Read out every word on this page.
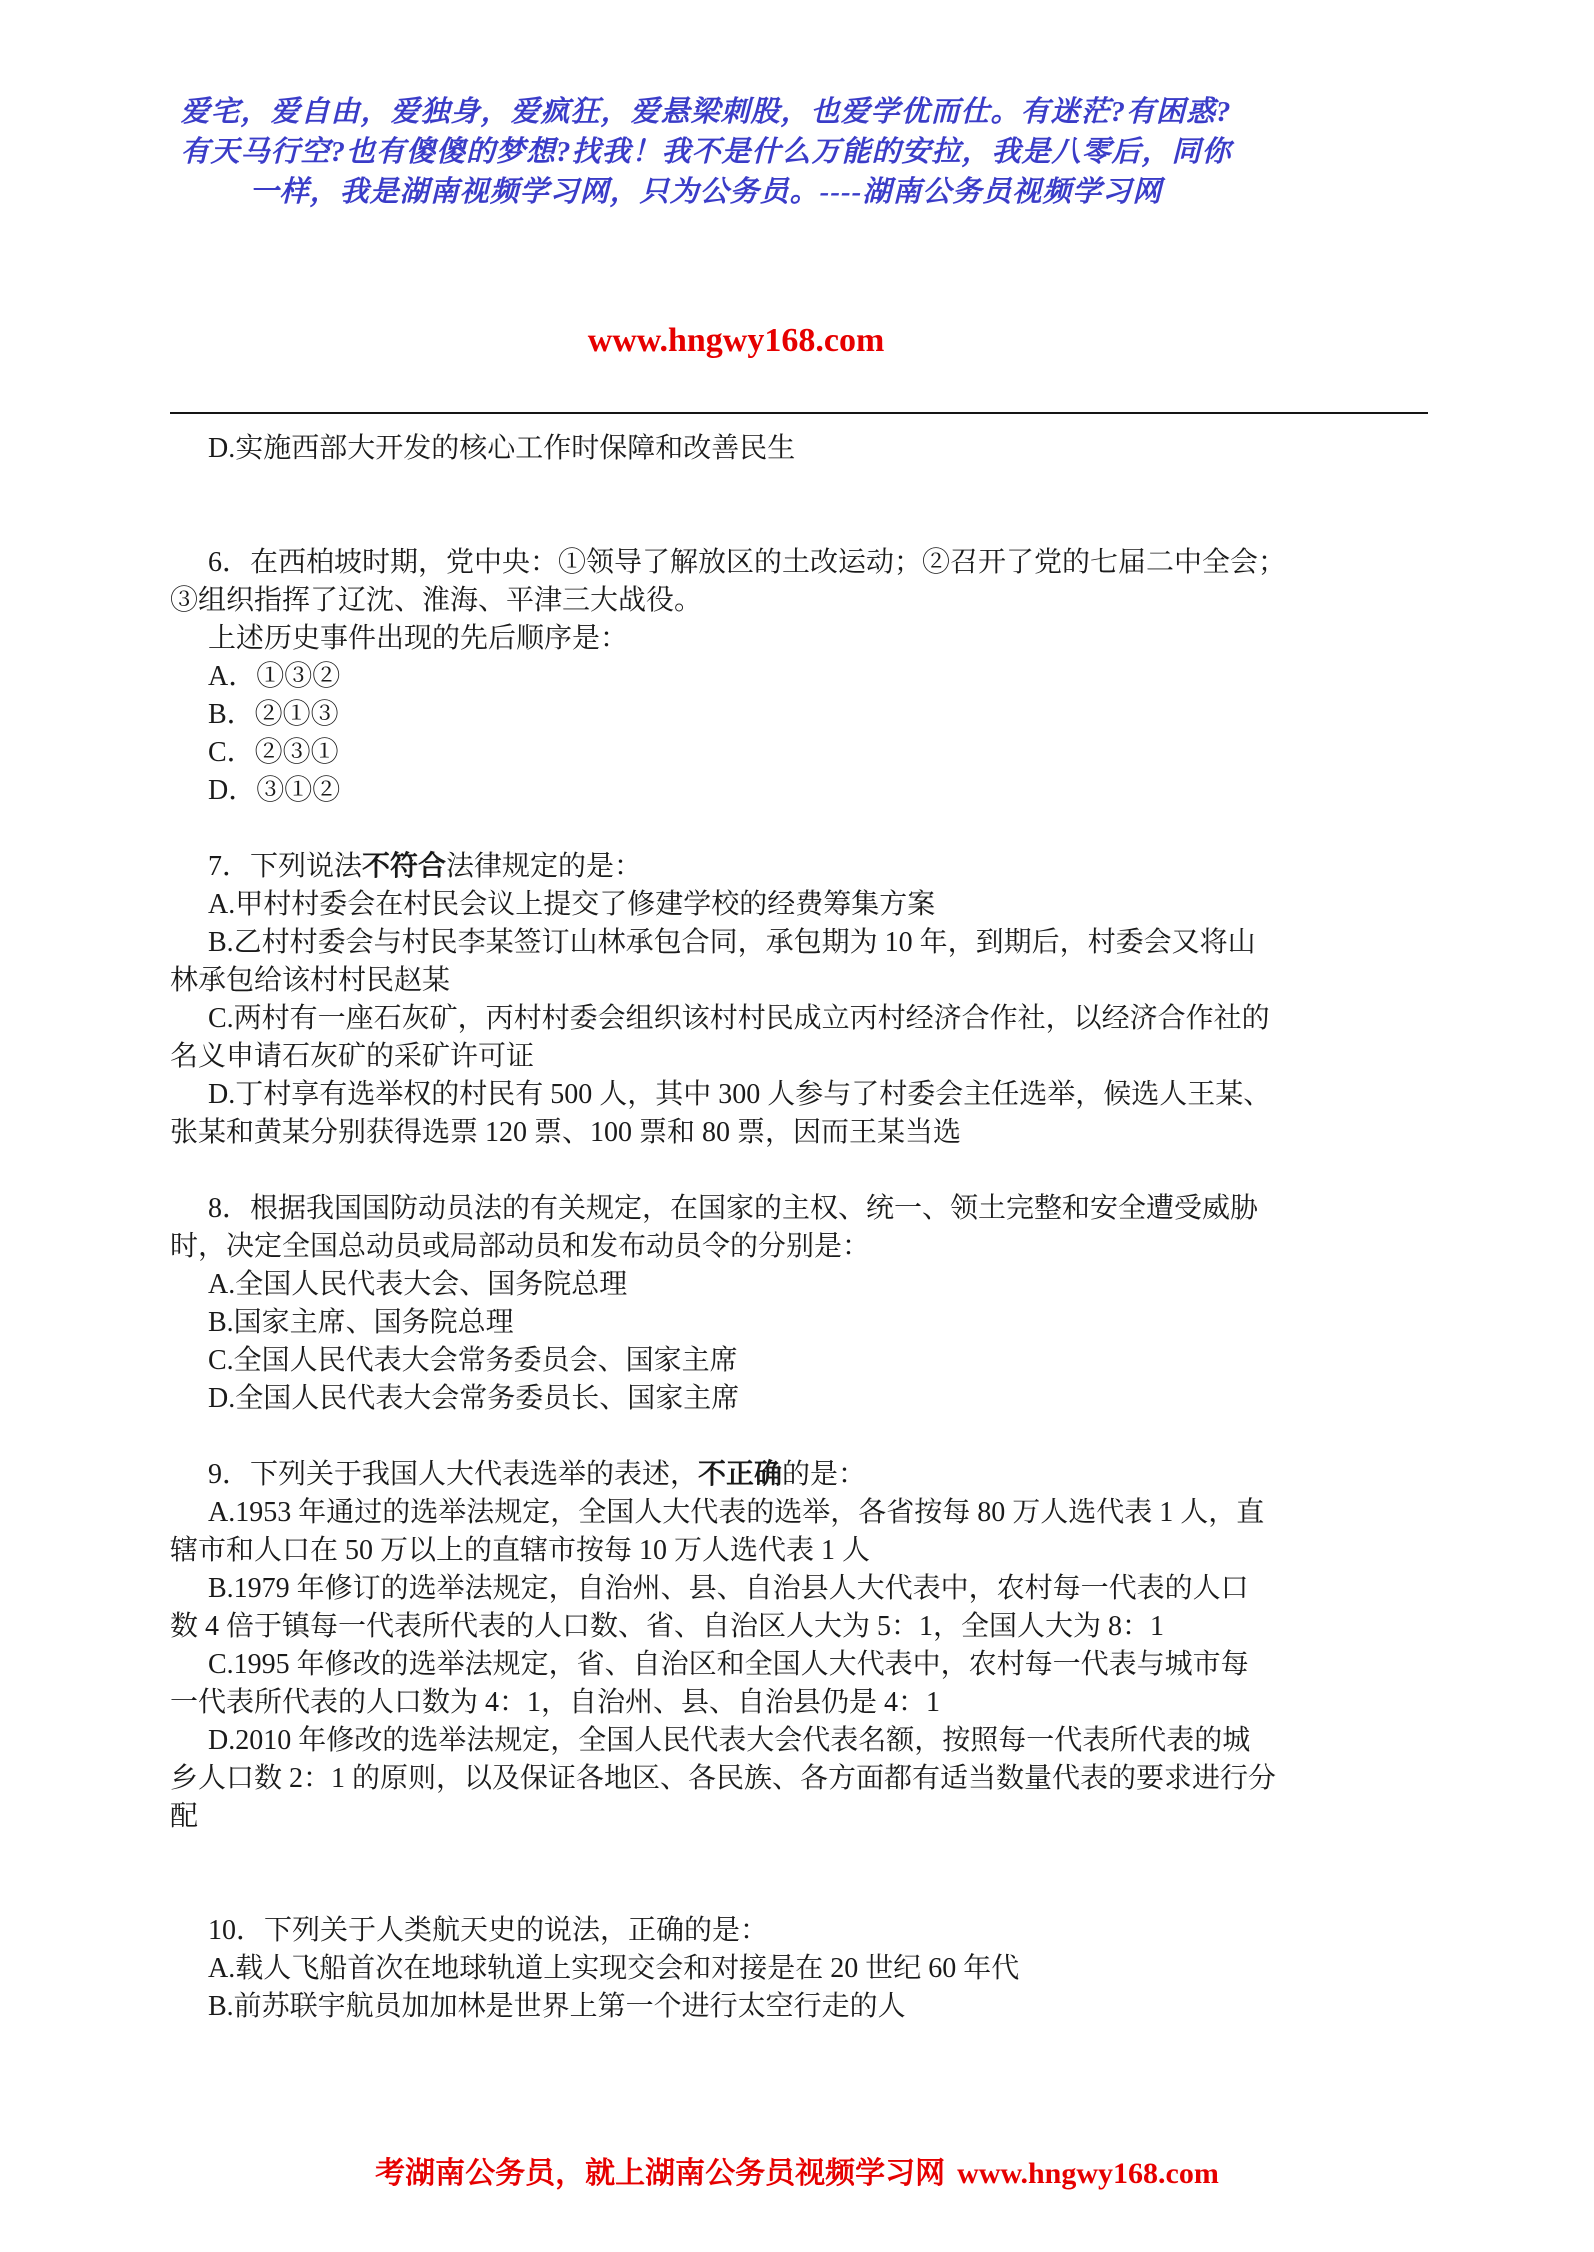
爱宅，爱自由，爱独身，爱疯狂，爱悬梁刺股，也爱学优而仕。有迷茫?有困惑?
有天马行空?也有傻傻的梦想?找我！我不是什么万能的安拉，我是八零后，同你
一样，我是湖南视频学习网，只为公务员。----湖南公务员视频学习网
www.hngwy168.com
D.实施西部大开发的核心工作时保障和改善民生

6．在西柏坡时期，党中央：①领导了解放区的土改运动；②召开了党的七届二中全会；
③组织指挥了辽沈、淮海、平津三大战役。
上述历史事件出现的先后顺序是：
A．①③②
B．②①③
C．②③①
D．③①②

7．下列说法不符合法律规定的是：
A.甲村村委会在村民会议上提交了修建学校的经费筹集方案
B.乙村村委会与村民李某签订山林承包合同，承包期为 10 年，到期后，村委会又将山
林承包给该村村民赵某
C.两村有一座石灰矿，丙村村委会组织该村村民成立丙村经济合作社，以经济合作社的
名义申请石灰矿的采矿许可证
D.丁村享有选举权的村民有 500 人，其中 300 人参与了村委会主任选举，候选人王某、
张某和黄某分别获得选票 120 票、100 票和 80 票，因而王某当选

8．根据我国国防动员法的有关规定，在国家的主权、统一、领土完整和安全遭受威胁
时，决定全国总动员或局部动员和发布动员令的分别是：
A.全国人民代表大会、国务院总理
B.国家主席、国务院总理
C.全国人民代表大会常务委员会、国家主席
D.全国人民代表大会常务委员长、国家主席

9．下列关于我国人大代表选举的表述，不正确的是：
A.1953 年通过的选举法规定，全国人大代表的选举，各省按每 80 万人选代表 1 人，直
辖市和人口在 50 万以上的直辖市按每 10 万人选代表 1 人
B.1979 年修订的选举法规定，自治州、县、自治县人大代表中，农村每一代表的人口
数 4 倍于镇每一代表所代表的人口数、省、自治区人大为 5：1，全国人大为 8：1
C.1995 年修改的选举法规定，省、自治区和全国人大代表中，农村每一代表与城市每
一代表所代表的人口数为 4：1，自治州、县、自治县仍是 4：1
D.2010 年修改的选举法规定，全国人民代表大会代表名额，按照每一代表所代表的城
乡人口数 2：1 的原则，以及保证各地区、各民族、各方面都有适当数量代表的要求进行分
配

10．下列关于人类航天史的说法，正确的是：
A.载人飞船首次在地球轨道上实现交会和对接是在 20 世纪 60 年代
B.前苏联宇航员加加林是世界上第一个进行太空行走的人
考湖南公务员，就上湖南公务员视频学习网 www.hngwy168.com
